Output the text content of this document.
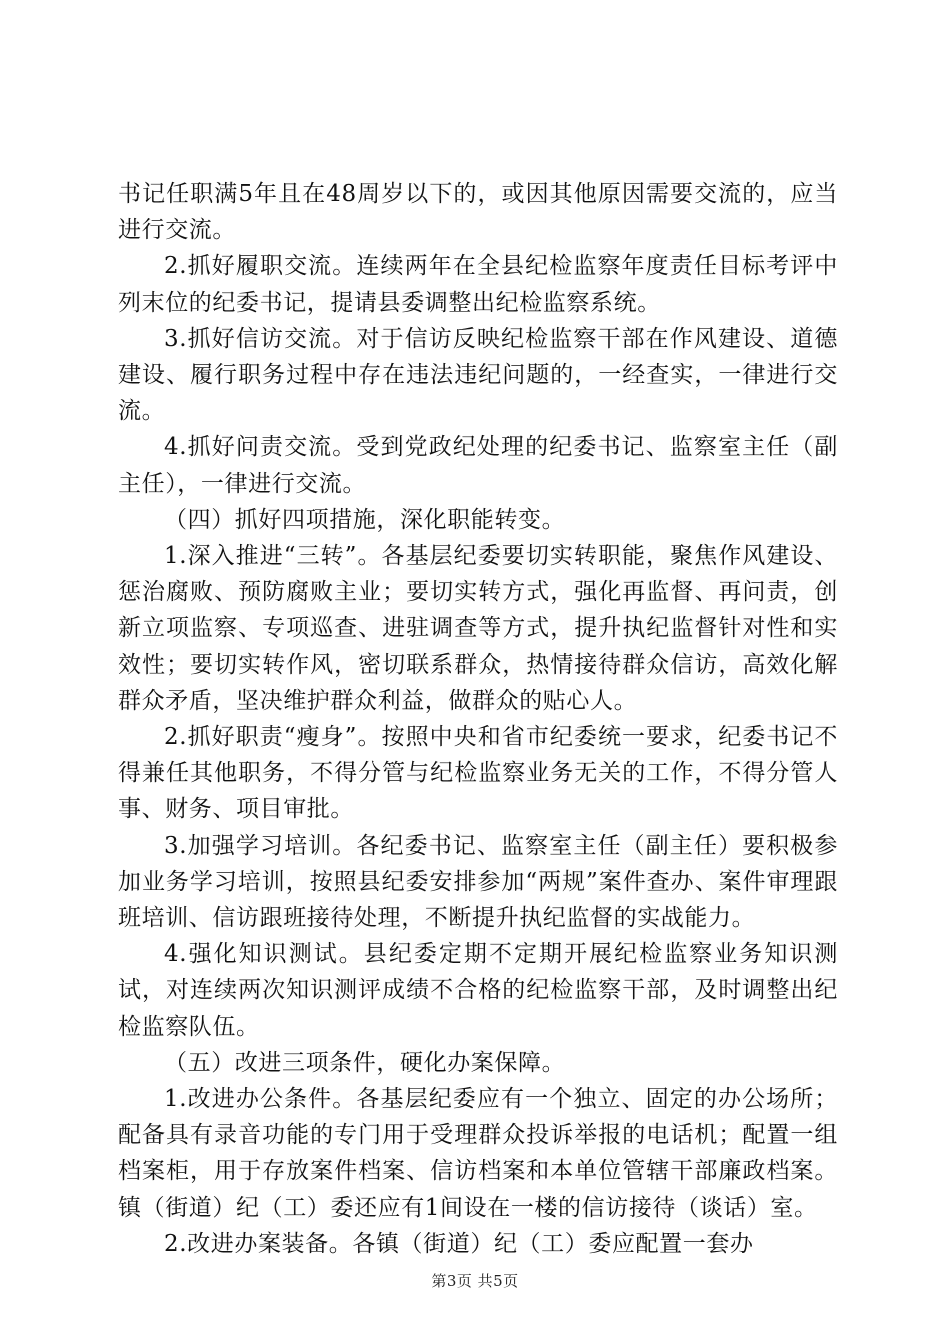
书记任职满5年且在48周岁以下的，或因其他原因需要交流的，应当进行交流。

2.抓好履职交流。连续两年在全县纪检监察年度责任目标考评中列末位的纪委书记，提请县委调整出纪检监察系统。

3.抓好信访交流。对于信访反映纪检监察干部在作风建设、道德建设、履行职务过程中存在违法违纪问题的，一经查实，一律进行交流。

4.抓好问责交流。受到党政纪处理的纪委书记、监察室主任（副主任），一律进行交流。

（四）抓好四项措施，深化职能转变。

1.深入推进“三转”。各基层纪委要切实转职能，聚焦作风建设、惩治腐败、预防腐败主业；要切实转方式，强化再监督、再问责，创新立项监察、专项巡查、进驻调查等方式，提升执纪监督针对性和实效性；要切实转作风，密切联系群众，热情接待群众信访，高效化解群众矛盾，坚决维护群众利益，做群众的贴心人。

2.抓好职责“瘦身”。按照中央和省市纪委统一要求，纪委书记不得兼任其他职务，不得分管与纪检监察业务无关的工作，不得分管人事、财务、项目审批。

3.加强学习培训。各纪委书记、监察室主任（副主任）要积极参加业务学习培训，按照县纪委安排参加“两规”案件查办、案件审理跟班培训、信访跟班接待处理，不断提升执纪监督的实战能力。

4.强化知识测试。县纪委定期不定期开展纪检监察业务知识测试，对连续两次知识测评成绩不合格的纪检监察干部，及时调整出纪检监察队伍。

（五）改进三项条件，硬化办案保障。

1.改进办公条件。各基层纪委应有一个独立、固定的办公场所；配备具有录音功能的专门用于受理群众投诉举报的电话机；配置一组档案柜，用于存放案件档案、信访档案和本单位管辖干部廉政档案。镇（街道）纪（工）委还应有1间设在一楼的信访接待（谈话）室。

2.改进办案装备。各镇（街道）纪（工）委应配置一套办

第3页 共5页
